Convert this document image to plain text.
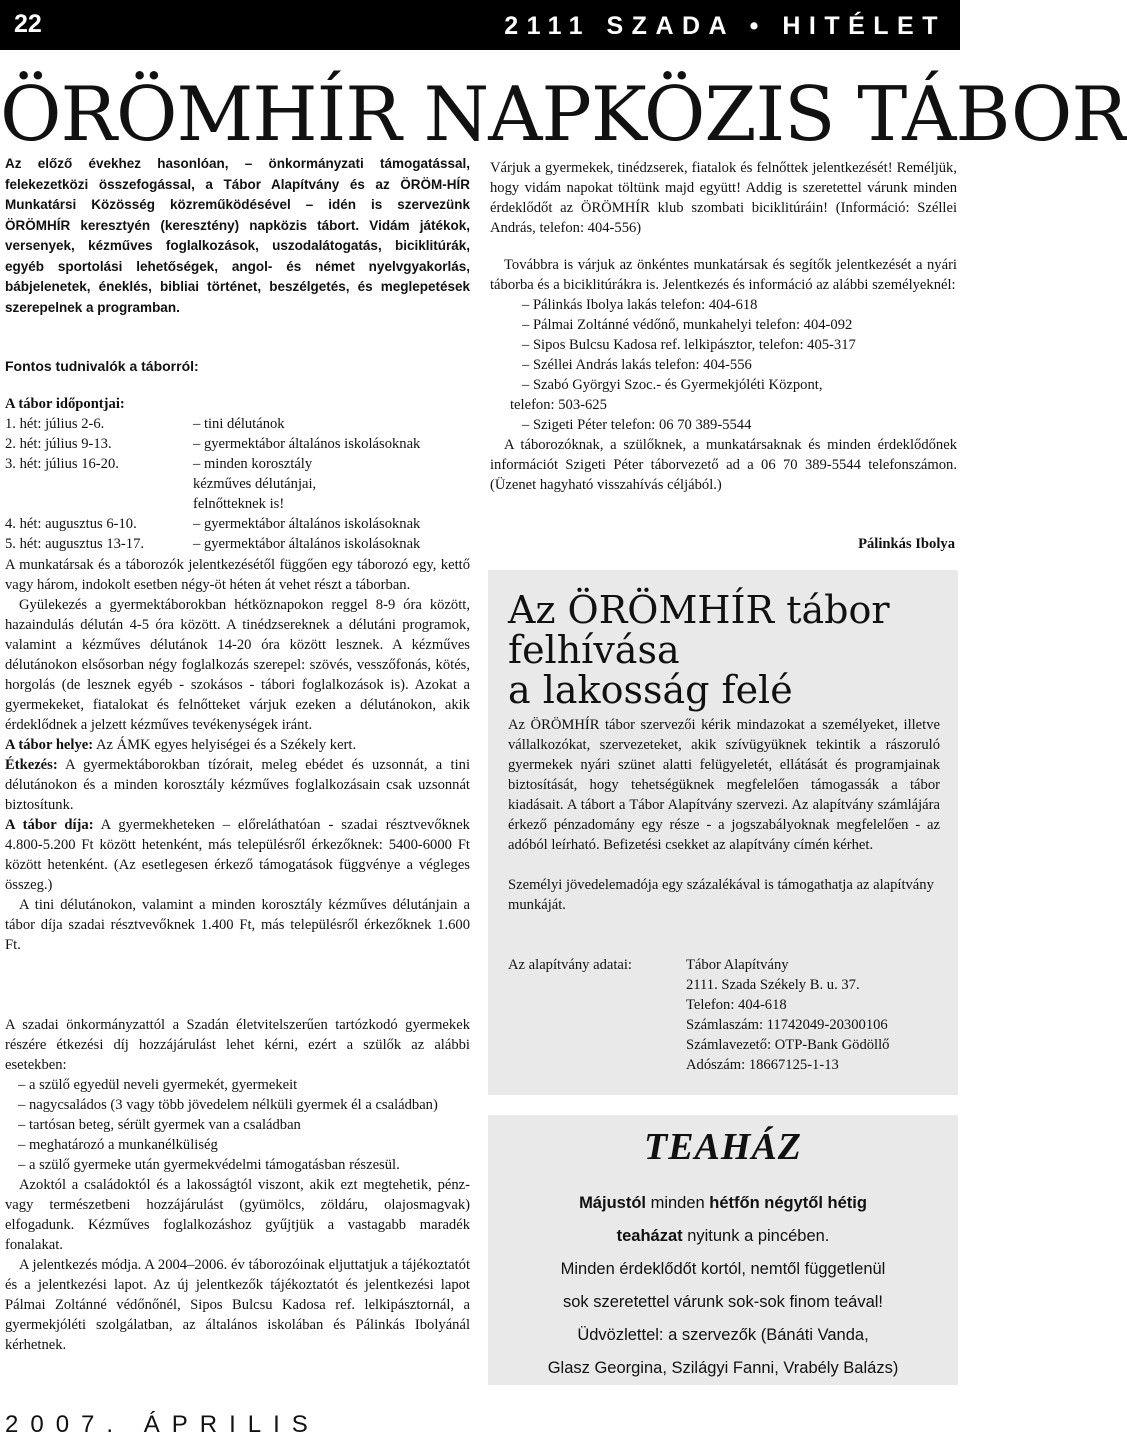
22	2111 SZADA • HITÉLET
ÖRÖMHÍR NAPKÖZIS TÁBOR
Az előző évekhez hasonlóan, – önkormányzati támogatással, felekezetközi összefogással, a Tábor Alapítvány és az ÖRÖM-HÍR Munkatársi Közösség közreműködésével – idén is szervezünk ÖRÖMHÍR keresztyén (keresztény) napközis tábort. Vidám játékok, versenyek, kézműves foglalkozások, uszodalátogatás, biciklitúrák, egyéb sportolási lehetőségek, angol- és német nyelvgyakorlás, bábjelenetek, éneklés, bibliai történet, beszélgetés, és meglepetések szerepelnek a programban.
Fontos tudnivalók a táborról:
A tábor időpontjai:
1. hét: július 2-6.	– tini délutánok
2. hét: július 9-13.	– gyermektábor általános iskolásoknak
3. hét: július 16-20.	– minden korosztály kézműves délutánjai, felnőtteknek is!
4. hét: augusztus 6-10.	– gyermektábor általános iskolásoknak
5. hét: augusztus 13-17.	– gyermektábor általános iskolásoknak

A munkatársak és a táborozók jelentkezésétől függően egy táborozó egy, kettő vagy három, indokolt esetben négy-öt héten át vehet részt a táborban.

Gyülekezés a gyermektáborokban hétköznapokon reggel 8-9 óra között, hazaindulás délután 4-5 óra között. A tinédzsereknek a délutáni programok, valamint a kézműves délutánok 14-20 óra között lesznek. A kézműves délutánokon elsősorban négy foglalkozás szerepel: szövés, vesszőfonás, kötés, horgolás (de lesznek egyéb - szokásos - tábori foglalkozások is). Azokat a gyermekeket, fiatalokat és felnőtteket várjuk ezeken a délutánokon, akik érdeklődnek a jelzett kézműves tevékenységek iránt.

A tábor helye: Az ÁMK egyes helyiségei és a Székely kert.

Étkezés: A gyermektáborokban tízórait, meleg ebédet és uzsonnát, a tini délutánokon és a minden korosztály kézműves foglalkozásain csak uzsonnát biztosítunk.

A tábor díja: A gyermekheteken – előreláthatóan - szadai résztvevőknek 4.800-5.200 Ft között hetenként, más településről érkezőknek: 5400-6000 Ft között hetenként. (Az esetlegesen érkező támogatások függvénye a végleges összeg.)

A tini délutánokon, valamint a minden korosztály kézműves délutánjain a tábor díja szadai résztvevőknek 1.400 Ft, más településről érkezőknek 1.600 Ft.

A szadai önkormányzattól a Szadán életvitelszerűen tartózkodó gyermekek részére étkezési díj hozzájárulást lehet kérni, ezért a szülők az alábbi esetekben:

– a szülő egyedül neveli gyermekét, gyermekeit

– nagycsaládos (3 vagy több jövedelem nélküli gyermek él a családban)

– tartósan beteg, sérült gyermek van a családban

– meghatározó a munkanélküliség

– a szülő gyermeke után gyermekvédelmi támogatásban részesül.

Azoktól a családoktól és a lakosságtól viszont, akik ezt megtehetik, pénz- vagy természetbeni hozzájárulást (gyümölcs, zöldáru, olajosmagvak) elfogadunk. Kézműves foglalkozáshoz gyűjtjük a vastagabb maradék fonalakat.

A jelentkezés módja. A 2004–2006. év táborozóinak eljuttatjuk a tájékoztatót és a jelentkezési lapot. Az új jelentkezők tájékoztatót és jelentkezési lapot Pálmai Zoltánné védőnőnél, Sipos Bulcsu Kadosa ref. lelkipásztornál, a gyermekjóléti szolgálatban, az általános iskolában és Pálinkás Ibolyánál kérhetnek.

Várjuk a gyermekek, tinédzserek, fiatalok és felnőttek jelentkezését! Reméljük, hogy vidám napokat töltünk majd együtt! Addig is szeretettel várunk minden érdeklődőt az ÖRÖMHÍR klub szombati biciklitúráin! (Információ: Széllei András, telefon: 404-556)

Továbbra is várjuk az önkéntes munkatársak és segítők jelentkezését a nyári táborba és a biciklitúrákra is. Jelentkezés és információ az alábbi személyeknél:

– Pálinkás Ibolya lakás telefon: 404-618

– Pálmai Zoltánné védőnő, munkahelyi telefon: 404-092

– Sipos Bulcsu Kadosa ref. lelkipásztor, telefon: 405-317

– Széllei András lakás telefon: 404-556

– Szabó Györgyi Szoc.- és Gyermekjóléti Központ,

telefon: 503-625

– Szigeti Péter telefon: 06 70 389-5544

A táborozóknak, a szülőknek, a munkatársaknak és minden érdeklődőnek információt Szigeti Péter táborvezető ad a 06 70 389-5544 telefonszámon. (Üzenet hagyható visszahívás céljából.)

Pálinkás Ibolya
Az ÖRÖMHÍR tábor
felhívása
a lakosság felé
Az ÖRÖMHÍR tábor szervezői kérik mindazokat a személyeket, illetve vállalkozókat, szervezeteket, akik szívügyüknek tekintik a rászoruló gyermekek nyári szünet alatti felügyeletét, ellátását és programjainak biztosítását, hogy tehetségüknek megfelelően támogassák a tábor kiadásait. A tábort a Tábor Alapítvány szervezi. Az alapítvány számlájára érkező pénzadomány egy része - a jogszabályoknak megfelelően - az adóból leírható. Befizetési csekket az alapítvány címén kérhet.
Személyi jövedelemadója egy százalékával is támogathatja az alapítvány munkáját.
Az alapítvány adatai:	Tábor Alapítvány
2111. Szada Székely B. u. 37.
Telefon: 404-618
Számlaszám: 11742049-20300106
Számlavezető: OTP-Bank Gödöllő
Adószám: 18667125-1-13
TEAHÁZ
Májustól minden hétfőn négytől hétig
teaházat nyitunk a pincében.
Minden érdeklődőt kortól, nemtől függetlenül
sok szeretettel várunk sok-sok finom teával!
Üdvözlettel: a szervezők (Bánáti Vanda,
Glasz Georgina, Szilágyi Fanni, Vrabély Balázs)
2007. ÁPRILIS
